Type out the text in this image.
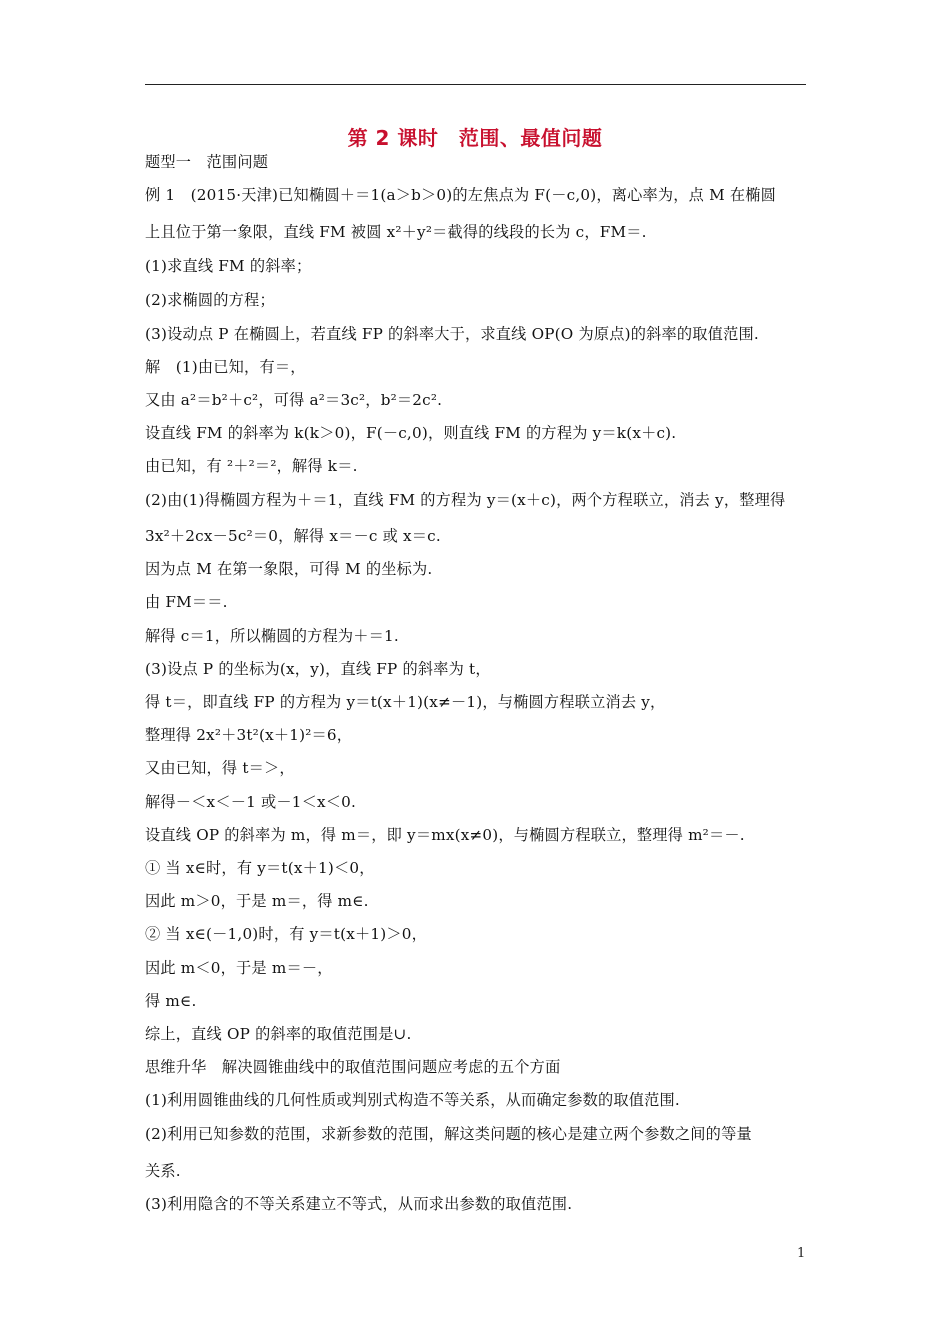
第 2 课时　范围、最值问题
题型一　范围问题
例 1　(2015·天津)已知椭圆＋＝1(a＞b＞0)的左焦点为 F(－c,0)，离心率为，点 M 在椭圆
上且位于第一象限，直线 FM 被圆 x²＋y²＝截得的线段的长为 c，FM＝.
(1)求直线 FM 的斜率；
(2)求椭圆的方程；
(3)设动点 P 在椭圆上，若直线 FP 的斜率大于，求直线 OP(O 为原点)的斜率的取值范围.
解　(1)由已知，有＝，
又由 a²＝b²＋c²，可得 a²＝3c²，b²＝2c².
设直线 FM 的斜率为 k(k＞0)，F(－c,0)，则直线 FM 的方程为 y＝k(x＋c).
由已知，有 ²＋²＝²，解得 k＝.
(2)由(1)得椭圆方程为＋＝1，直线 FM 的方程为 y＝(x＋c)，两个方程联立，消去 y，整理得
3x²＋2cx－5c²＝0，解得 x＝－c 或 x＝c.
因为点 M 在第一象限，可得 M 的坐标为.
由 FM＝＝.
解得 c＝1，所以椭圆的方程为＋＝1.
(3)设点 P 的坐标为(x，y)，直线 FP 的斜率为 t，
得 t＝，即直线 FP 的方程为 y＝t(x＋1)(x≠－1)，与椭圆方程联立消去 y，
整理得 2x²＋3t²(x＋1)²＝6，
又由已知，得 t＝＞，
解得－＜x＜－1 或－1＜x＜0.
设直线 OP 的斜率为 m，得 m＝，即 y＝mx(x≠0)，与椭圆方程联立，整理得 m²＝－.
① 当 x∈时，有 y＝t(x＋1)＜0，
因此 m＞0，于是 m＝，得 m∈.
② 当 x∈(－1,0)时，有 y＝t(x＋1)＞0，
因此 m＜0，于是 m＝－，
得 m∈.
综上，直线 OP 的斜率的取值范围是∪.
思维升华　解决圆锥曲线中的取值范围问题应考虑的五个方面
(1)利用圆锥曲线的几何性质或判别式构造不等关系，从而确定参数的取值范围.
(2)利用已知参数的范围，求新参数的范围，解这类问题的核心是建立两个参数之间的等量
关系.
(3)利用隐含的不等关系建立不等式，从而求出参数的取值范围.
1
